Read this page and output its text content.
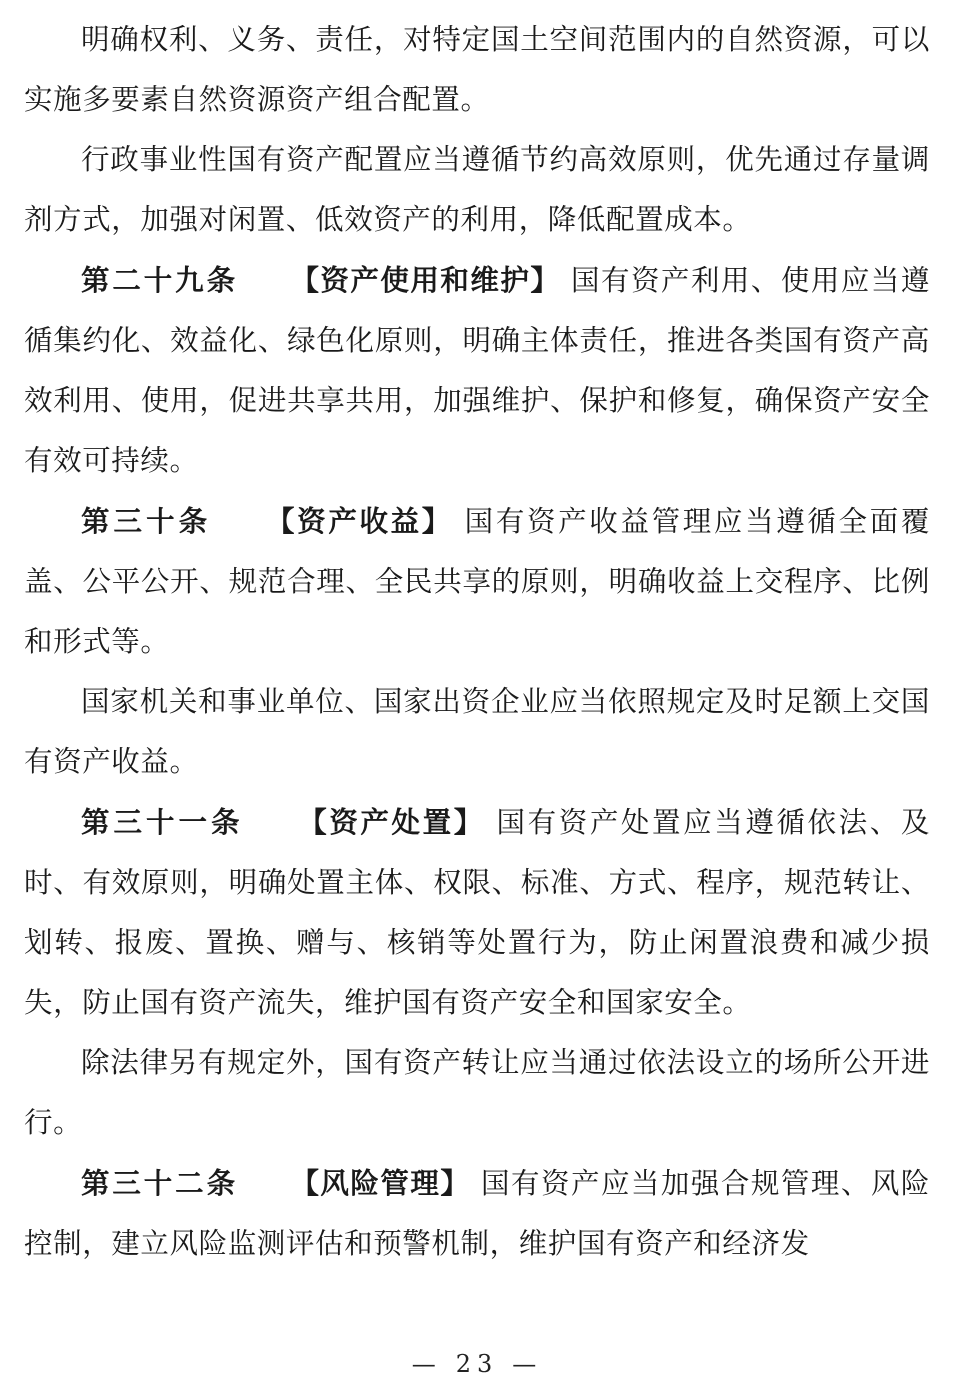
明确权利、义务、责任，对特定国土空间范围内的自然资源，可以实施多要素自然资源资产组合配置。

行政事业性国有资产配置应当遵循节约高效原则，优先通过存量调剂方式，加强对闲置、低效资产的利用，降低配置成本。

第二十九条 【资产使用和维护】 国有资产利用、使用应当遵循集约化、效益化、绿色化原则，明确主体责任，推进各类国有资产高效利用、使用，促进共享共用，加强维护、保护和修复，确保资产安全有效可持续。

第三十条 【资产收益】 国有资产收益管理应当遵循全面覆盖、公平公开、规范合理、全民共享的原则，明确收益上交程序、比例和形式等。

国家机关和事业单位、国家出资企业应当依照规定及时足额上交国有资产收益。

第三十一条 【资产处置】 国有资产处置应当遵循依法、及时、有效原则，明确处置主体、权限、标准、方式、程序，规范转让、划转、报废、置换、赠与、核销等处置行为，防止闲置浪费和减少损失，防止国有资产流失，维护国有资产安全和国家安全。

除法律另有规定外，国有资产转让应当通过依法设立的场所公开进行。

第三十二条 【风险管理】 国有资产应当加强合规管理、风险控制，建立风险监测评估和预警机制，维护国有资产和经济发

— 23 —
